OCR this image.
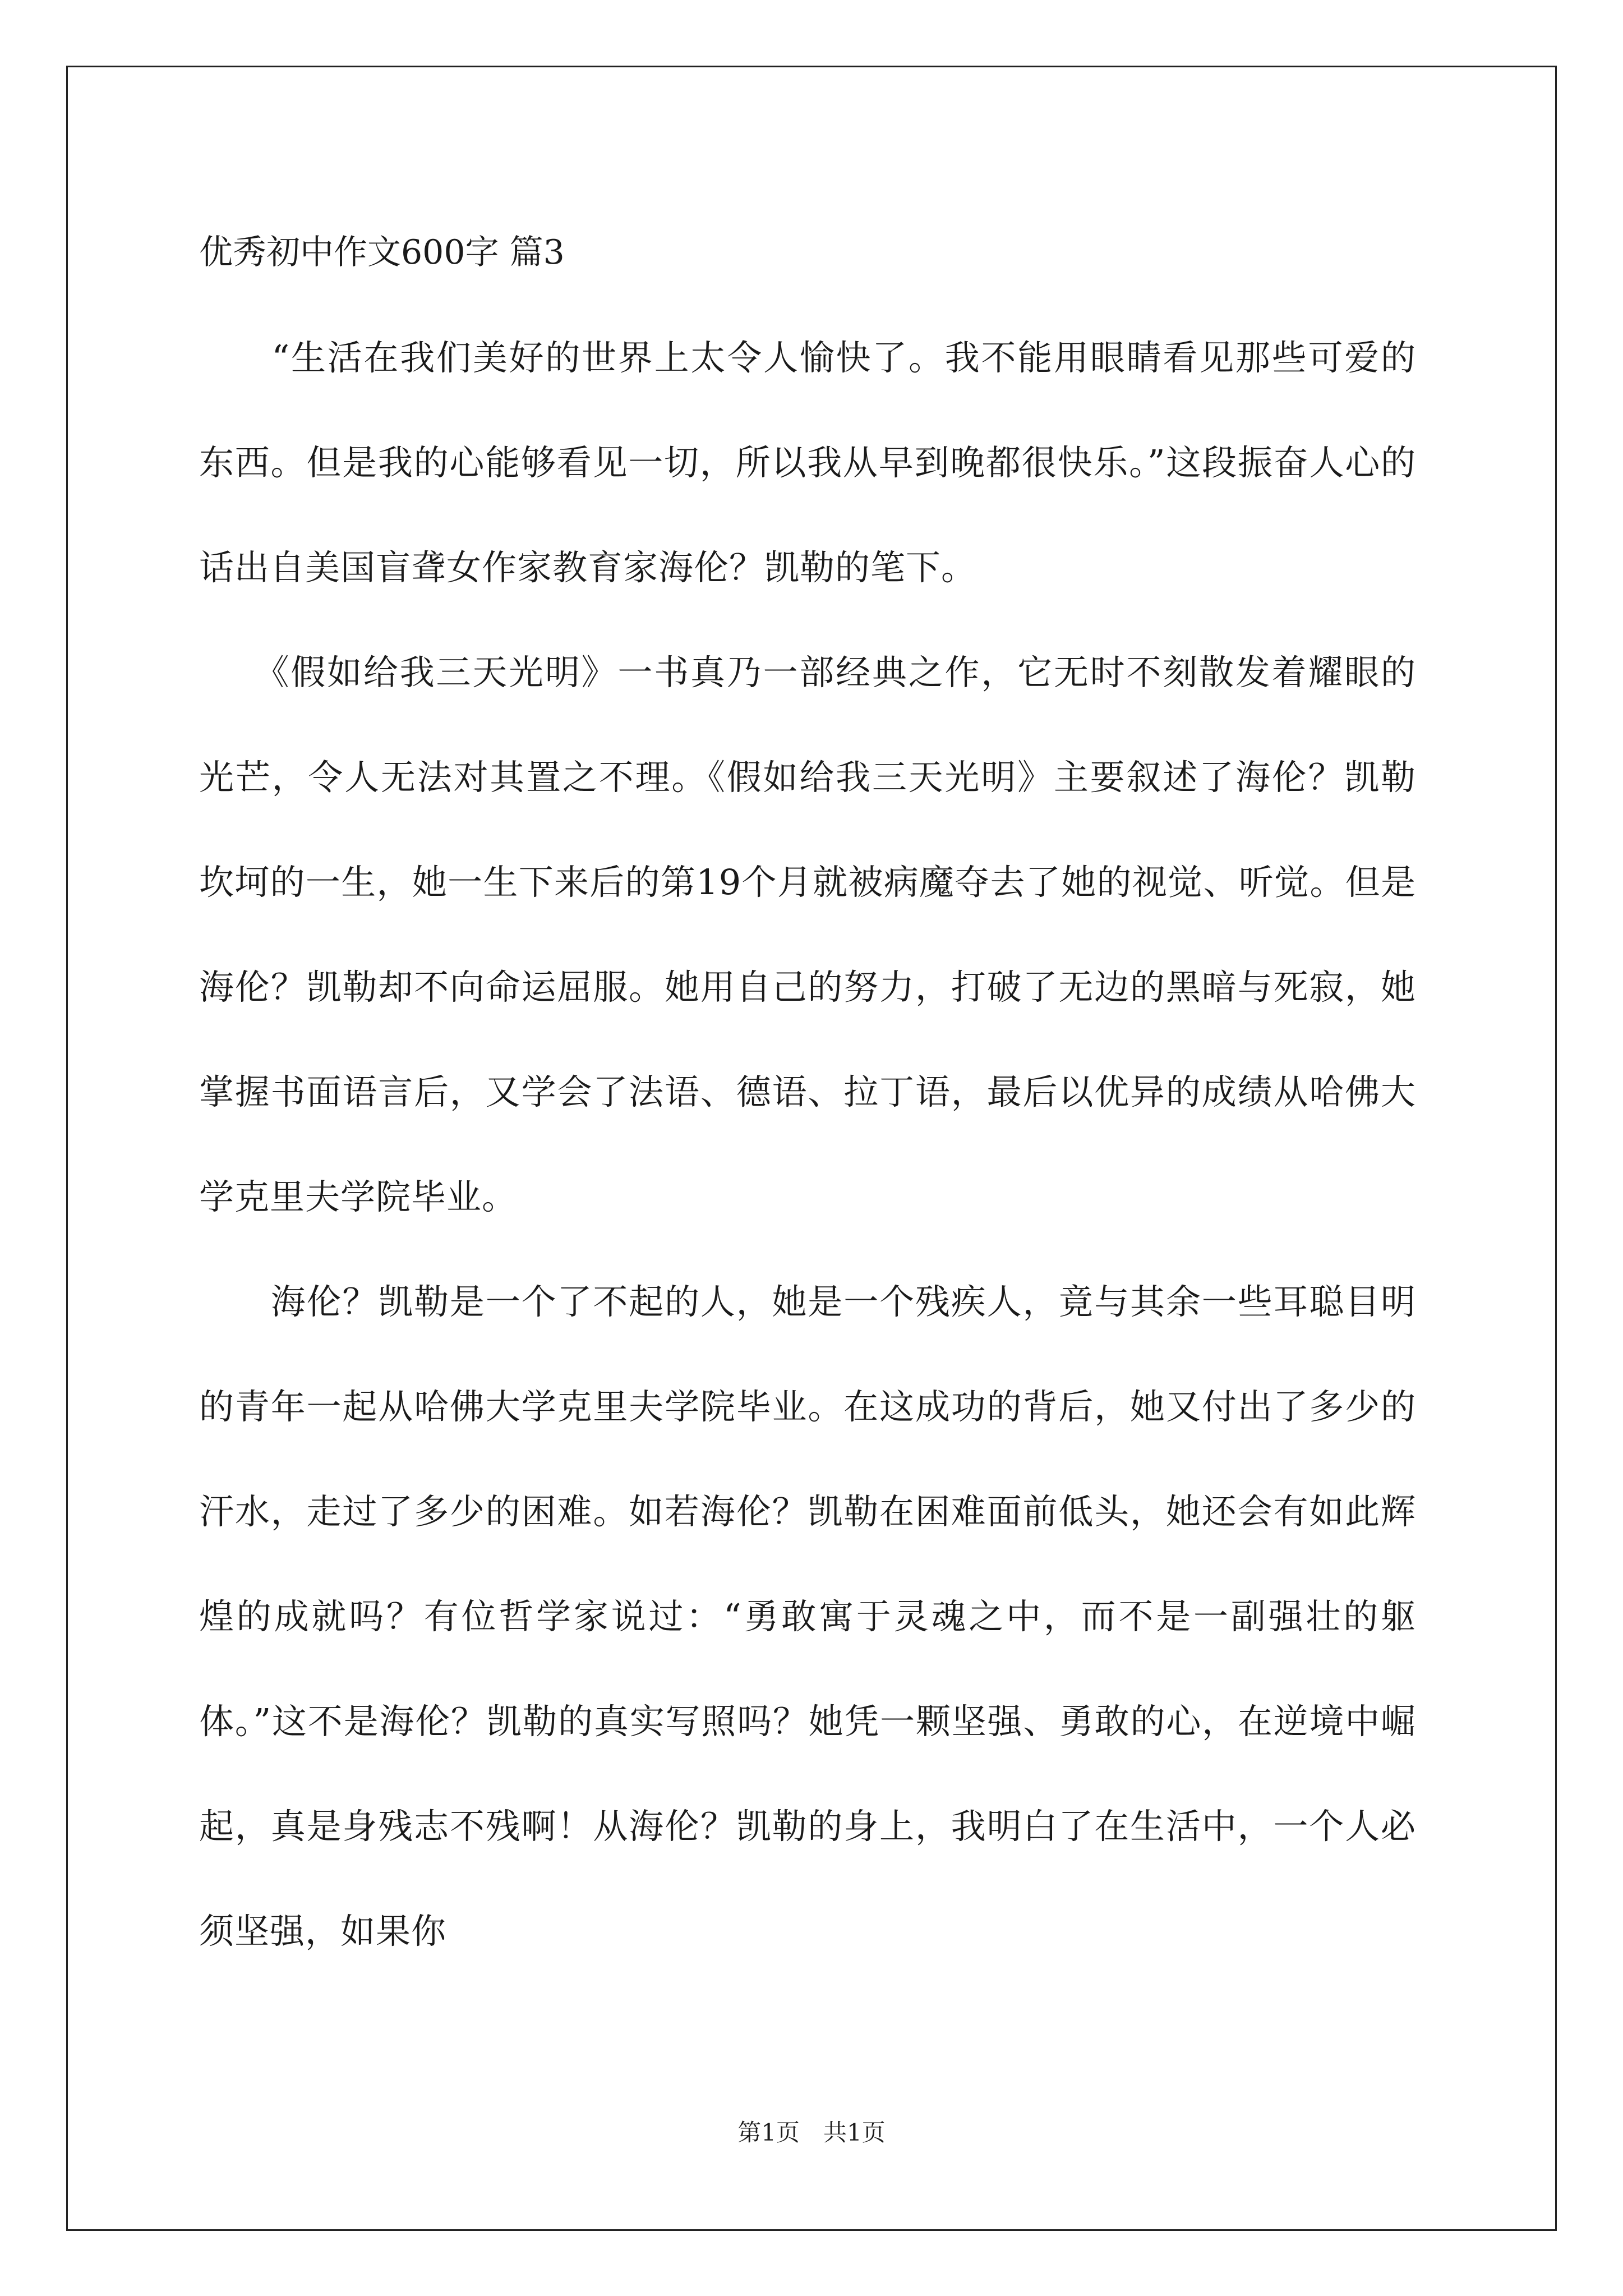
优秀初中作文600字 篇3

　　“生活在我们美好的世界上太令人愉快了。我不能用眼睛看见那些可爱的东西。但是我的心能够看见一切，所以我从早到晚都很快乐。”这段振奋人心的话出自美国盲聋女作家教育家海伦？凯勒的笔下。
　　《假如给我三天光明》一书真乃一部经典之作，它无时不刻散发着耀眼的光芒，令人无法对其置之不理。《假如给我三天光明》主要叙述了海伦？凯勒坎坷的一生，她一生下来后的第19个月就被病魔夺去了她的视觉、听觉。但是海伦？凯勒却不向命运屈服。她用自己的努力，打破了无边的黑暗与死寂，她掌握书面语言后，又学会了法语、德语、拉丁语，最后以优异的成绩从哈佛大学克里夫学院毕业。
　　海伦？凯勒是一个了不起的人，她是一个残疾人，竟与其余一些耳聪目明的青年一起从哈佛大学克里夫学院毕业。在这成功的背后，她又付出了多少的汗水，走过了多少的困难。如若海伦？凯勒在困难面前低头，她还会有如此辉煌的成就吗？有位哲学家说过：“勇敢寓于灵魂之中，而不是一副强壮的躯体。”这不是海伦？凯勒的真实写照吗？她凭一颗坚强、勇敢的心，在逆境中崛起，真是身残志不残啊！从海伦？凯勒的身上，我明白了在生活中，一个人必须坚强，如果你

第1页　共1页
